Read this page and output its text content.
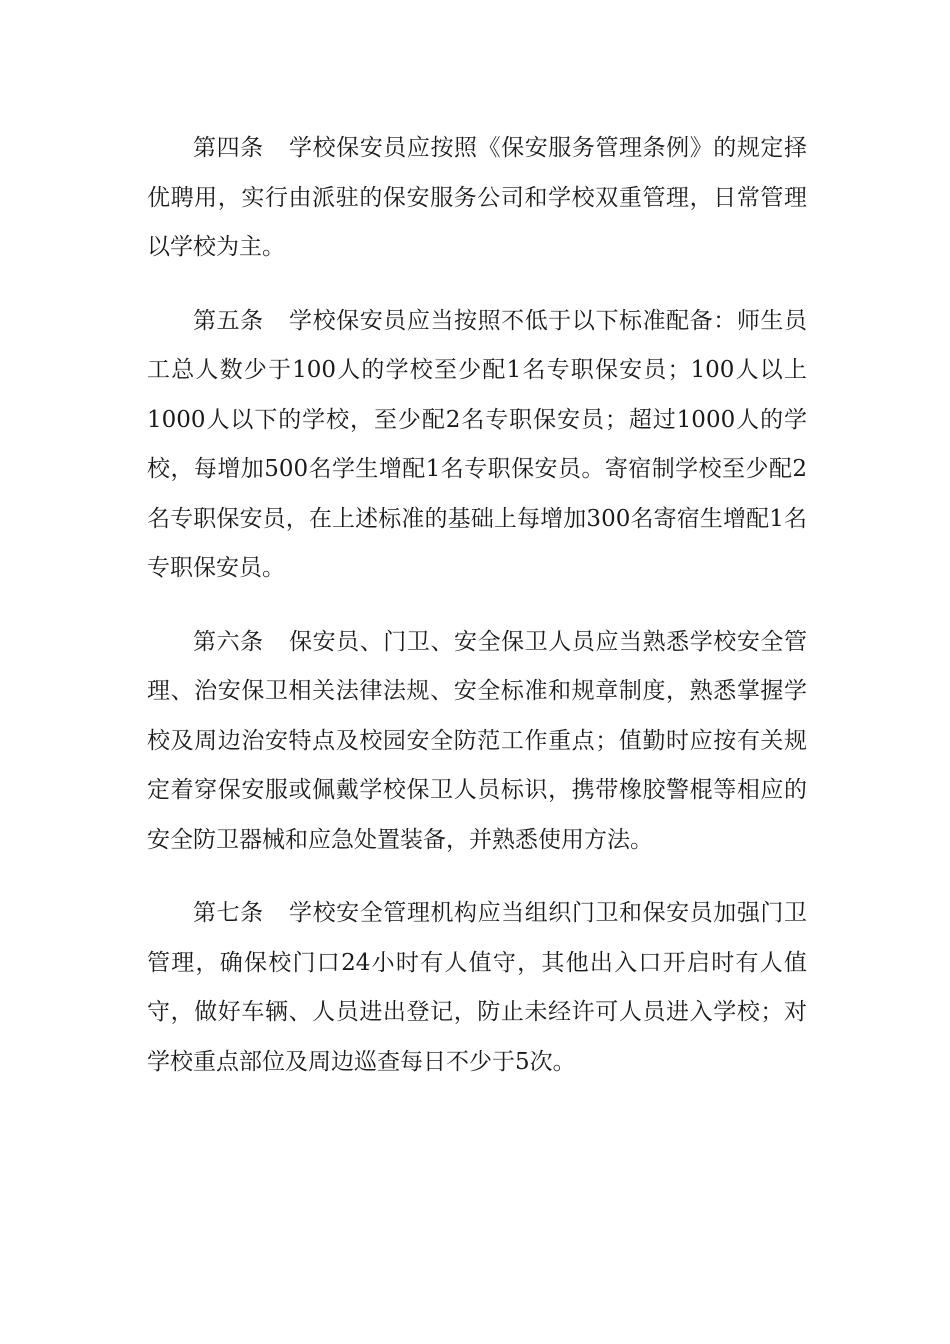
第四条 学校保安员应按照《保安服务管理条例》的规定择优聘用，实行由派驻的保安服务公司和学校双重管理，日常管理以学校为主。

第五条 学校保安员应当按照不低于以下标准配备：师生员工总人数少于100人的学校至少配1名专职保安员；100人以上1000人以下的学校，至少配2名专职保安员；超过1000人的学校，每增加500名学生增配1名专职保安员。寄宿制学校至少配2名专职保安员，在上述标准的基础上每增加300名寄宿生增配1名专职保安员。

第六条 保安员、门卫、安全保卫人员应当熟悉学校安全管理、治安保卫相关法律法规、安全标准和规章制度，熟悉掌握学校及周边治安特点及校园安全防范工作重点；值勤时应按有关规定着穿保安服或佩戴学校保卫人员标识，携带橡胶警棍等相应的安全防卫器械和应急处置装备，并熟悉使用方法。

第七条 学校安全管理机构应当组织门卫和保安员加强门卫管理，确保校门口24小时有人值守，其他出入口开启时有人值守，做好车辆、人员进出登记，防止未经许可人员进入学校；对学校重点部位及周边巡查每日不少于5次。
